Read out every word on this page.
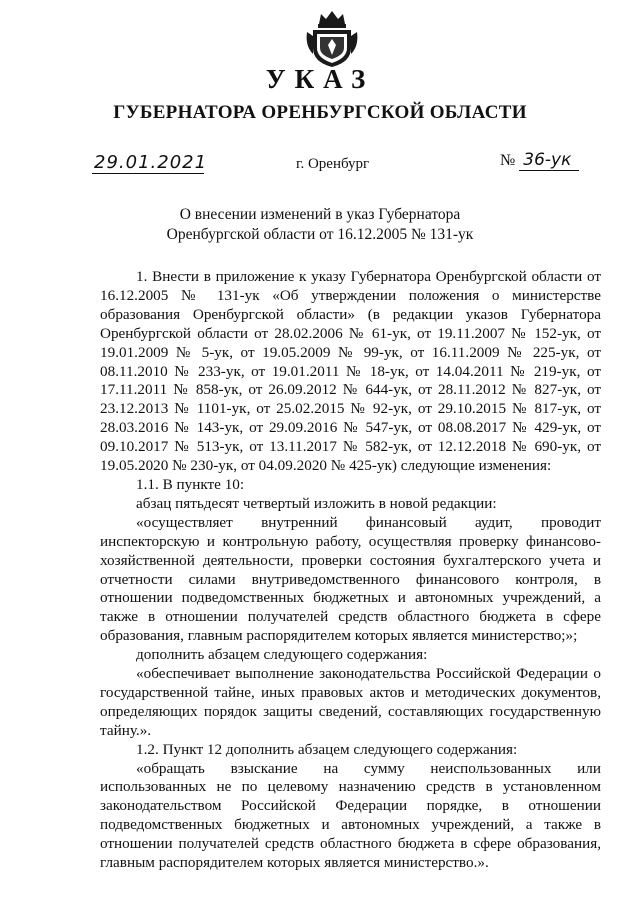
УКАЗ
ГУБЕРНАТОРА ОРЕНБУРГСКОЙ ОБЛАСТИ
29.01.2021	г. Оренбург	№ 36-ук
О внесении изменений в указ Губернатора
Оренбургской области от 16.12.2005 № 131-ук

1. Внести в приложение к указу Губернатора Оренбургской области от 16.12.2005 № 131-ук «Об утверждении положения о министерстве образования Оренбургской области» (в редакции указов Губернатора Оренбургской области от 28.02.2006 № 61-ук, от 19.11.2007 № 152-ук, от 19.01.2009 № 5-ук, от 19.05.2009 № 99-ук, от 16.11.2009 № 225-ук, от 08.11.2010 № 233-ук, от 19.01.2011 № 18-ук, от 14.04.2011 № 219-ук, от 17.11.2011 № 858-ук, от 26.09.2012 № 644-ук, от 28.11.2012 № 827-ук, от 23.12.2013 № 1101-ук, от 25.02.2015 № 92-ук, от 29.10.2015 № 817-ук, от 28.03.2016 № 143-ук, от 29.09.2016 № 547-ук, от 08.08.2017 № 429-ук, от 09.10.2017 № 513-ук, от 13.11.2017 № 582-ук, от 12.12.2018 № 690-ук, от 19.05.2020 № 230-ук, от 04.09.2020 № 425-ук) следующие изменения:

1.1. В пункте 10:

абзац пятьдесят четвертый изложить в новой редакции:

«осуществляет внутренний финансовый аудит, проводит инспекторскую и контрольную работу, осуществляя проверку финансово-хозяйственной деятельности, проверки состояния бухгалтерского учета и отчетности силами внутриведомственного финансового контроля, в отношении подведомственных бюджетных и автономных учреждений, а также в отношении получателей средств областного бюджета в сфере образования, главным распорядителем которых является министерство;»;

дополнить абзацем следующего содержания:

«обеспечивает выполнение законодательства Российской Федерации о государственной тайне, иных правовых актов и методических документов, определяющих порядок защиты сведений, составляющих государственную тайну.».

1.2. Пункт 12 дополнить абзацем следующего содержания:

«обращать взыскание на сумму неиспользованных или использованных не по целевому назначению средств в установленном законодательством Российской Федерации порядке, в отношении подведомственных бюджетных и автономных учреждений, а также в отношении получателей средств областного бюджета в сфере образования, главным распорядителем которых является министерство.».
